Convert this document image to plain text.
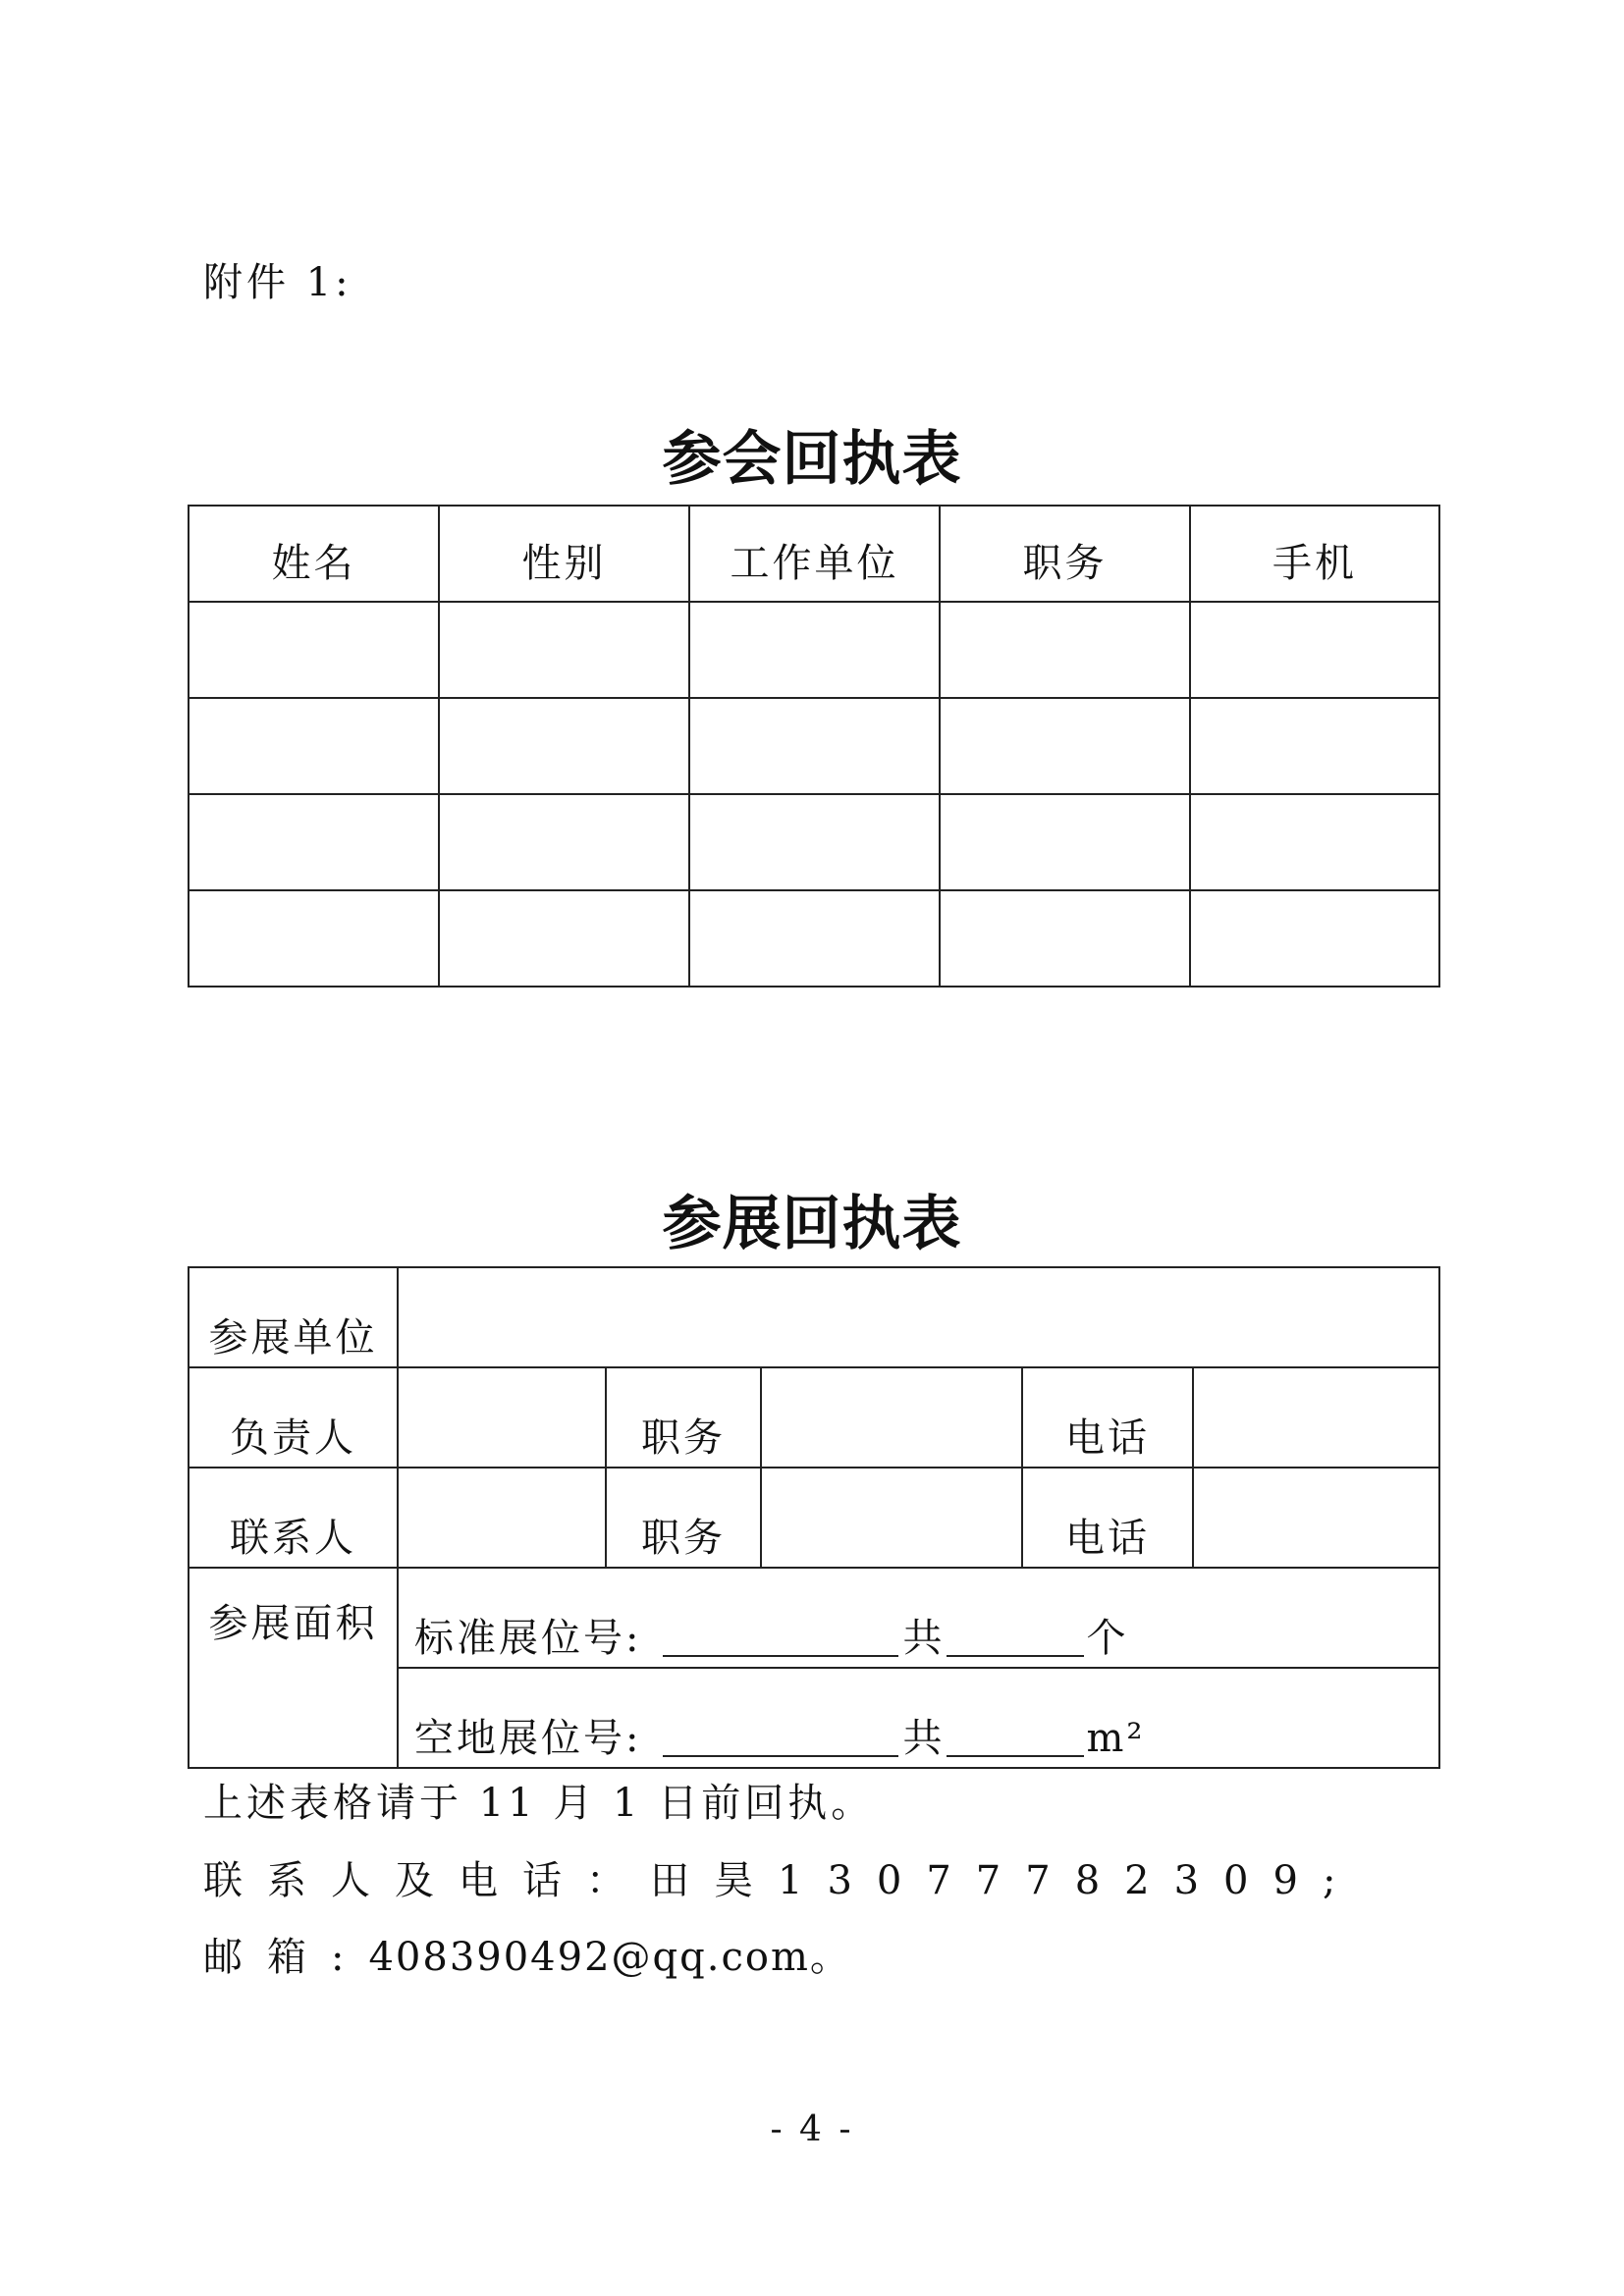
附件 1:
参会回执表
姓名	性别	工作单位	职务	手机

参展回执表
参展单位					
负责人		职务		电话	
联系人		职务		电话	
参展面积	标准展位号: 共 个				
	空地展位号: 共 m²				
上述表格请于 11 月 1 日前回执。
联系人及电话：田昊13077782309;
邮箱:408390492@qq.com。
- 4 -
